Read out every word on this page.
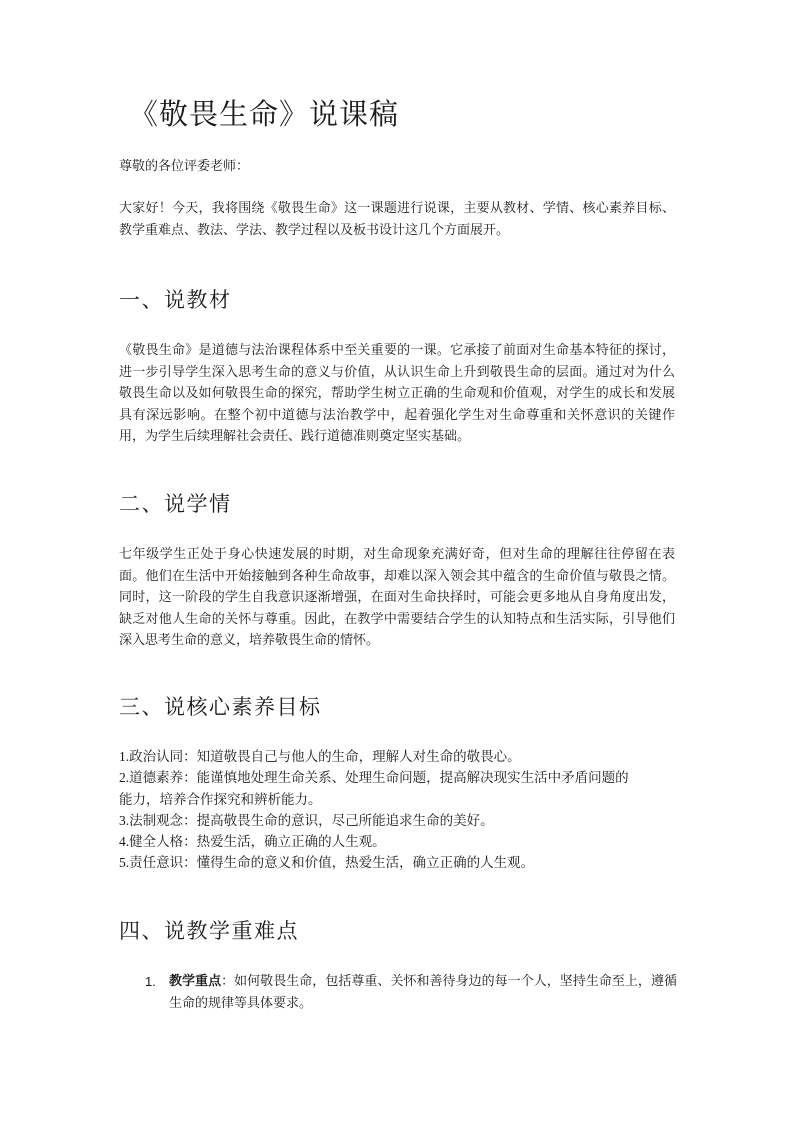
《敬畏生命》说课稿
尊敬的各位评委老师：
大家好！今天，我将围绕《敬畏生命》这一课题进行说课，主要从教材、学情、核心素养目标、教学重难点、教法、学法、教学过程以及板书设计这几个方面展开。
一、说教材
《敬畏生命》是道德与法治课程体系中至关重要的一课。它承接了前面对生命基本特征的探讨，进一步引导学生深入思考生命的意义与价值，从认识生命上升到敬畏生命的层面。通过对为什么敬畏生命以及如何敬畏生命的探究，帮助学生树立正确的生命观和价值观，对学生的成长和发展具有深远影响。在整个初中道德与法治教学中，起着强化学生对生命尊重和关怀意识的关键作用，为学生后续理解社会责任、践行道德准则奠定坚实基础。
二、说学情
七年级学生正处于身心快速发展的时期，对生命现象充满好奇，但对生命的理解往往停留在表面。他们在生活中开始接触到各种生命故事，却难以深入领会其中蕴含的生命价值与敬畏之情。同时，这一阶段的学生自我意识逐渐增强，在面对生命抉择时，可能会更多地从自身角度出发，缺乏对他人生命的关怀与尊重。因此，在教学中需要结合学生的认知特点和生活实际，引导他们深入思考生命的意义，培养敬畏生命的情怀。
三、说核心素养目标
1.政治认同：知道敬畏自己与他人的生命，理解人对生命的敬畏心。
2.道德素养：能谨慎地处理生命关系、处理生命问题，提高解决现实生活中矛盾问题的
能力，培养合作探究和辨析能力。
3.法制观念：提高敬畏生命的意识，尽己所能追求生命的美好。
4.健全人格：热爱生活，确立正确的人生观。
5.责任意识：懂得生命的意义和价值，热爱生活，确立正确的人生观。
四、说教学重难点
1. 教学重点：如何敬畏生命，包括尊重、关怀和善待身边的每一个人，坚持生命至上，遵循生命的规律等具体要求。
